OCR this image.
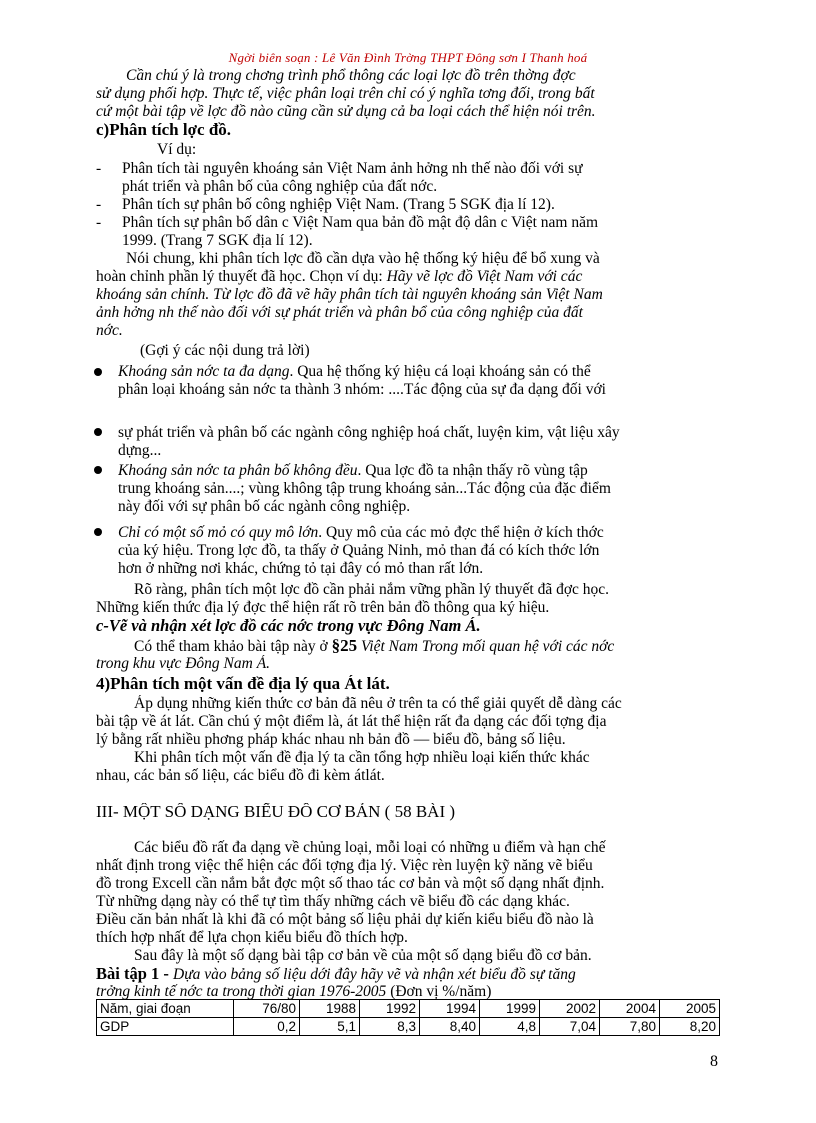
Ngời biên soạn : Lê Văn Đình Trờng THPT Đông sơn I Thanh hoá
Cần chú ý là trong chơng trình phổ thông các loại lợc đồ trên thờng đợc
sử dụng phối hợp. Thực tế, việc phân loại trên chỉ có ý nghĩa tơng đối, trong bất
cứ một bài tập về lợc đồ nào cũng cần sử dụng cả ba loại cách thể hiện nói trên.
c)Phân tích lợc đồ.
Ví dụ:
- Phân tích tài nguyên khoáng sản Việt Nam ảnh hởng nh thế nào đối với sự
phát triển và phân bố của công nghiệp của đất nớc.
- Phân tích sự phân bố công nghiệp Việt Nam. (Trang 5 SGK địa lí 12).
- Phân tích sự phân bố dân c Việt Nam qua bản đồ mật độ dân c Việt nam năm
1999. (Trang 7 SGK địa lí 12).
Nói chung, khi phân tích lợc đồ cần dựa vào hệ thống ký hiệu để bổ xung và
hoàn chỉnh phần lý thuyết đã học. Chọn ví dụ: Hãy vẽ lợc đồ Việt Nam với các
khoáng sản chính. Từ lợc đồ đã vẽ hãy phân tích tài nguyên khoáng sản Việt Nam
ảnh hởng nh thế nào đối với sự phát triển và phân bổ của công nghiệp của đất
nớc.
(Gợi ý các nội dung trả lời)
Khoáng sản nớc ta đa dạng. Qua hệ thống ký hiệu cá loại khoáng sản có thể
phân loại khoáng sản nớc ta thành 3 nhóm: ....Tác động của sự đa dạng đối với
sự phát triển và phân bố các ngành công nghiệp hoá chất, luyện kim, vật liệu xây
dựng...
Khoáng sản nớc ta phân bố không đều. Qua lợc đồ ta nhận thấy rõ vùng tập
trung khoáng sản....; vùng không tập trung khoáng sản...Tác động của đặc điểm
này đối với sự phân bố các ngành công nghiệp.
Chỉ có một số mỏ có quy mô lớn. Quy mô của các mỏ đợc thể hiện ở kích thớc
của ký hiệu. Trong lợc đồ, ta thấy ở Quảng Ninh, mỏ than đá có kích thớc lớn
hơn ở những nơi khác, chứng tỏ tại đây có mỏ than rất lớn.
Rõ ràng, phân tích một lợc đồ cần phải nắm vững phần lý thuyết đã đợc học.
Những kiến thức địa lý đợc thể hiện rất rõ trên bản đồ thông qua ký hiệu.
c-Vẽ và nhận xét lợc đồ các nớc trong vực Đông Nam Á.
Có thể tham khảo bài tập này ở §25 Việt Nam Trong mối quan hệ với các nớc
trong khu vực Đông Nam Á.
4)Phân tích một vấn đề địa lý qua Át lát.
Áp dụng những kiến thức cơ bản đã nêu ở trên ta có thể giải quyết dễ dàng các
bài tập về át lát. Cần chú ý một điểm là, át lát thể hiện rất đa dạng các đối tợng địa
lý bằng rất nhiều phơng pháp khác nhau nh bản đồ — biểu đồ, bảng số liệu.
Khi phân tích một vấn đề địa lý ta cần tổng hợp nhiều loại kiến thức khác
nhau, các bản số liệu, các biểu đồ đi kèm átlát.
III- MỘT SỐ DẠNG BIỂU ĐỒ CƠ BẢN ( 58 BÀI )
Các biểu đồ rất đa dạng về chủng loại, mỗi loại có những u điểm và hạn chế
nhất định trong việc thể hiện các đối tợng địa lý. Việc rèn luyện kỹ năng vẽ biểu
đồ trong Excell cần nắm bắt đợc một số thao tác cơ bản và một số dạng nhất định.
Từ những dạng này có thể tự tìm thấy những cách vẽ biểu đồ các dạng khác.
Điều căn bản nhất là khi đã có một bảng số liệu phải dự kiến kiểu biểu đồ nào là
thích hợp nhất để lựa chọn kiểu biểu đồ thích hợp.
Sau đây là một số dạng bài tập cơ bản về của một số dạng biểu đồ cơ bản.
Bài tập 1 - Dựa vào bảng số liệu dới đây hãy vẽ và nhận xét biểu đồ sự tăng
trởng kinh tế nớc ta trong thời gian 1976-2005 (Đơn vị %/năm)
Năm, giai đoạn	76/80	1988	1992	1994	1999	2002	2004	2005
GDP	0,2	5,1	8,3	8,40	4,8	7,04	7,80	8,20
8
